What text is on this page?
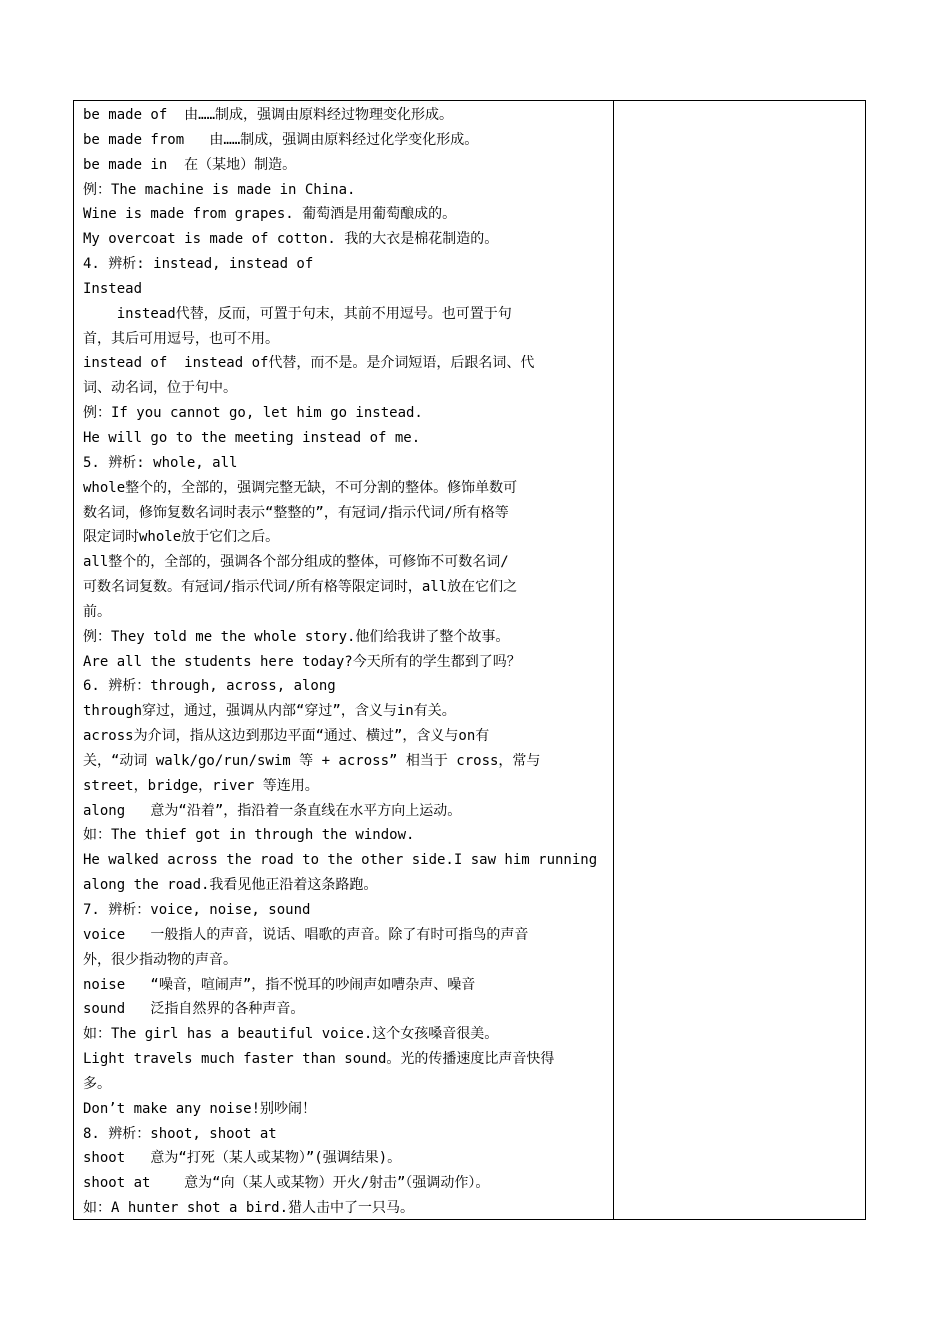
be made of  由……制成，强调由原料经过物理变化形成。
be made from   由……制成，强调由原料经过化学变化形成。
be made in  在（某地）制造。
例：The machine is made in China.
Wine is made from grapes. 葡萄酒是用葡萄酿成的。
My overcoat is made of cotton. 我的大衣是棉花制造的。
4. 辨析: instead, instead of
Instead
instead代替，反而，可置于句末，其前不用逗号。也可置于句
首，其后可用逗号，也可不用。
instead of  instead of代替，而不是。是介词短语，后跟名词、代
词、动名词，位于句中。
例：If you cannot go, let him go instead.
He will go to the meeting instead of me.
5. 辨析: whole, all
whole整个的，全部的，强调完整无缺，不可分割的整体。修饰单数可
数名词，修饰复数名词时表示“整整的”，有冠词/指示代词/所有格等
限定词时whole放于它们之后。
all整个的，全部的，强调各个部分组成的整体，可修饰不可数名词/
可数名词复数。有冠词/指示代词/所有格等限定词时，all放在它们之
前。
例：They told me the whole story.他们给我讲了整个故事。
Are all the students here today?今天所有的学生都到了吗？
6. 辨析：through, across, along
through穿过，通过，强调从内部“穿过”，含义与in有关。
across为介词，指从这边到那边平面“通过、横过”，含义与on有
关，“动词 walk/go/run/swim 等 + across” 相当于 cross，常与
street，bridge，river 等连用。
along   意为“沿着”，指沿着一条直线在水平方向上运动。
如：The thief got in through the window.
He walked across the road to the other side.I saw him running
along the road.我看见他正沿着这条路跑。
7. 辨析：voice, noise, sound
voice   一般指人的声音，说话、唱歌的声音。除了有时可指鸟的声音
外，很少指动物的声音。
noise   “噪音，喧闹声”，指不悦耳的吵闹声如嘈杂声、噪音
sound   泛指自然界的各种声音。
如：The girl has a beautiful voice.这个女孩嗓音很美。
Light travels much faster than sound。光的传播速度比声音快得
多。
Don’t make any noise!别吵闹！
8. 辨析：shoot, shoot at
shoot   意为“打死（某人或某物）”(强调结果)。
shoot at    意为“向（某人或某物）开火/射击”（强调动作）。
如：A hunter shot a bird.猎人击中了一只马。
